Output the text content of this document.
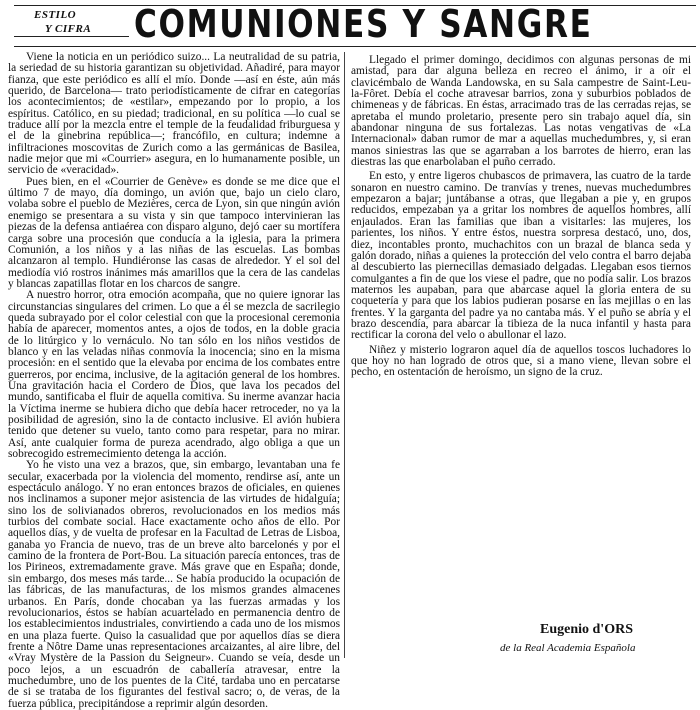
ESTILO
Y CIFRA COMUNIONES Y SANGRE

Viene la noticia en un periódico suizo... La neutralidad de su patria, la seriedad de su historia garantizan su objetividad. Añadiré, para mayor fianza, que este periódico es allí el mío. Donde —así en éste, aún más querido, de Barcelona— trato periodísticamente de cifrar en categorías los acontecimientos; de «estilar», empezando por lo propio, a los espíritus. Católico, en su piedad; tradicional, en su política —lo cual se traduce allí por la mezcla entre el temple de la feudalidad friburguesa y el de la ginebrina república—; francófilo, en cultura; indemne a infiltraciones moscovitas de Zurich como a las germánicas de Basilea, nadie mejor que mi «Courrier» asegura, en lo humanamente posible, un servicio de «veracidad».

Pues bien, en el «Courrier de Genève» es donde se me dice que el último 7 de mayo, día domingo, un avión que, bajo un cielo claro, volaba sobre el pueblo de Mezières, cerca de Lyon, sin que ningún avión enemigo se presentara a su vista y sin que tampoco intervinieran las piezas de la defensa antiaérea con disparo alguno, dejó caer su mortífera carga sobre una procesión que conducía a la iglesia, para la primera Comunión, a los niños y a las niñas de las escuelas. Las bombas alcanzaron al templo. Hundiéronse las casas de alrededor. Y el sol del mediodía vió rostros inánimes más amarillos que la cera de las candelas y blancas zapatillas flotar en los charcos de sangre.

A nuestro horror, otra emoción acompaña, que no quiere ignorar las circunstancias singulares del crimen. Lo que a él se mezcla de sacrilegio queda subrayado por el color celestial con que la procesional ceremonia había de aparecer, momentos antes, a ojos de todos, en la doble gracia de lo litúrgico y lo vernáculo. No tan sólo en los niños vestidos de blanco y en las veladas niñas conmovía la inocencia; sino en la misma procesión: en el sentido que la elevaba por encima de los combates entre guerreros, por encima, inclusive, de la agitación general de los hombres. Una gravitación hacia el Cordero de Dios, que lava los pecados del mundo, santificaba el fluir de aquella comitiva. Su inerme avanzar hacia la Víctima inerme se hubiera dicho que debía hacer retroceder, no ya la posibilidad de agresión, sino la de contacto inclusive. El avión hubiera tenido que detener su vuelo, tanto como para respetar, para no mirar. Así, ante cualquier forma de pureza acendrado, algo obliga a que un sobrecogido estremecimiento detenga la acción.

Yo he visto una vez a brazos, que, sin embargo, levantaban una fe secular, exacerbada por la violencia del momento, rendirse así, ante un espectáculo análogo. Y no eran entonces brazos de oficiales, en quienes nos inclinamos a suponer mejor asistencia de las virtudes de hidalguía; sino los de solivianados obreros, revolucionados en los medios más turbios del combate social. Hace exactamente ocho años de ello. Por aquellos días, y de vuelta de profesar en la Facultad de Letras de Lisboa, ganaba yo Francia de nuevo, tras de un breve alto barcelonés y por el camino de la frontera de Port-Bou. La situación parecía entonces, tras de los Pirineos, extremadamente grave. Más grave que en España; donde, sin embargo, dos meses más tarde... Se había producido la ocupación de las fábricas, de las manufacturas, de los mismos grandes almacenes urbanos. En París, donde chocaban ya las fuerzas armadas y los revolucionarios, éstos se habían acuartelado en permanencia dentro de los establecimientos industriales, convirtiendo a cada uno de los mismos en una plaza fuerte. Quiso la casualidad que por aquellos días se diera frente a Nôtre Dame unas representaciones arcaizantes, al aire libre, del «Vray Mystère de la Passion du Seigneur». Cuando se veía, desde un poco lejos, a un escuadrón de caballería atravesar, entre la muchedumbre, uno de los puentes de la Cité, tardaba uno en percatarse de si se trataba de los figurantes del festival sacro; o, de veras, de la fuerza pública, precipitándose a reprimir algún desorden.

Llegado el primer domingo, decidimos con algunas personas de mi amistad, para dar alguna belleza en recreo el ánimo, ir a oír el clavicémbalo de Wanda Landowska, en su Sala campestre de Saint-Leu-la-Fôret. Debía el coche atravesar barrios, zona y suburbios poblados de chimeneas y de fábricas. En éstas, arracimado tras de las cerradas rejas, se apretaba el mundo proletario, presente pero sin trabajo aquel día, sin abandonar ninguna de sus fortalezas. Las notas vengativas de «La Internacional» daban rumor de mar a aquellas muchedumbres, y, si eran manos siniestras las que se agarraban a los barrotes de hierro, eran las diestras las que enarbolaban el puño cerrado.

En esto, y entre ligeros chubascos de primavera, las cuatro de la tarde sonaron en nuestro camino. De tranvías y trenes, nuevas muchedumbres empezaron a bajar; juntábanse a otras, que llegaban a pie y, en grupos reducidos, empezaban ya a gritar los nombres de aquellos hombres, allí enjaulados. Eran las familias que iban a visitarles: las mujeres, los parientes, los niños. Y entre éstos, nuestra sorpresa destacó, uno, dos, diez, incontables pronto, muchachitos con un brazal de blanca seda y galón dorado, niñas a quienes la protección del velo contra el barro dejaba al descubierto las piernecillas demasiado delgadas. Llegaban esos tiernos comulgantes a fin de que los viese el padre, que no podía salir. Los brazos maternos les aupaban, para que abarcase aquel la gloria entera de su coquetería y para que los labios pudieran posarse en las mejillas o en las frentes. Y la garganta del padre ya no cantaba más. Y el puño se abría y el brazo descendía, para abarcar la tibieza de la nuca infantil y hasta para rectificar la corona del velo o abullonar el lazo.

Niñez y misterio lograron aquel día de aquellos toscos luchadores lo que hoy no han logrado de otros que, si a mano viene, llevan sobre el pecho, en ostentación de heroísmo, un signo de la cruz.

Eugenio d'ORS
de la Real Academia Española
